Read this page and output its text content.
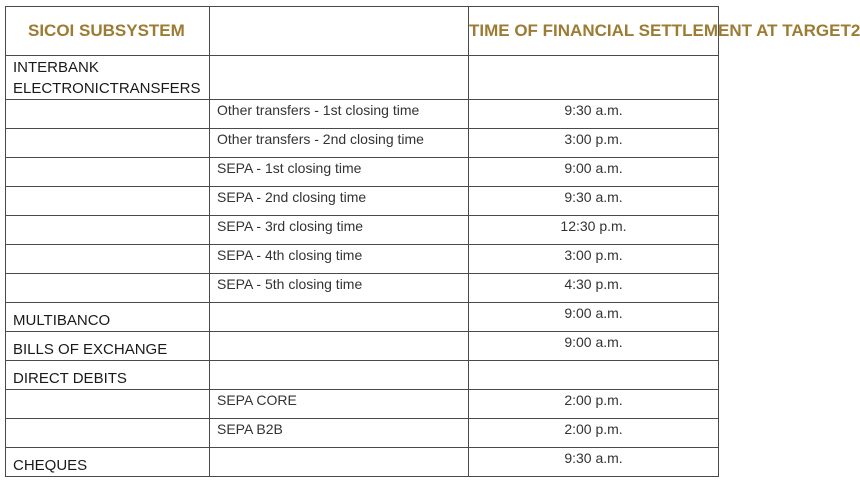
SICOI SUBSYSTEM		TIME OF FINANCIAL SETTLEMENT AT TARGET2
INTERBANK ELECTRONICTRANSFERS		
	Other transfers - 1st closing time	9:30 a.m.
	Other transfers - 2nd closing time	3:00 p.m.
	SEPA - 1st closing time	9:00 a.m.
	SEPA - 2nd closing time	9:30 a.m.
	SEPA - 3rd closing time	12:30 p.m.
	SEPA - 4th closing time	3:00 p.m.
	SEPA - 5th closing time	4:30 p.m.
MULTIBANCO		9:00 a.m.
BILLS OF EXCHANGE		9:00 a.m.
DIRECT DEBITS		
	SEPA CORE	2:00 p.m.
	SEPA B2B	2:00 p.m.
CHEQUES		9:30 a.m.
